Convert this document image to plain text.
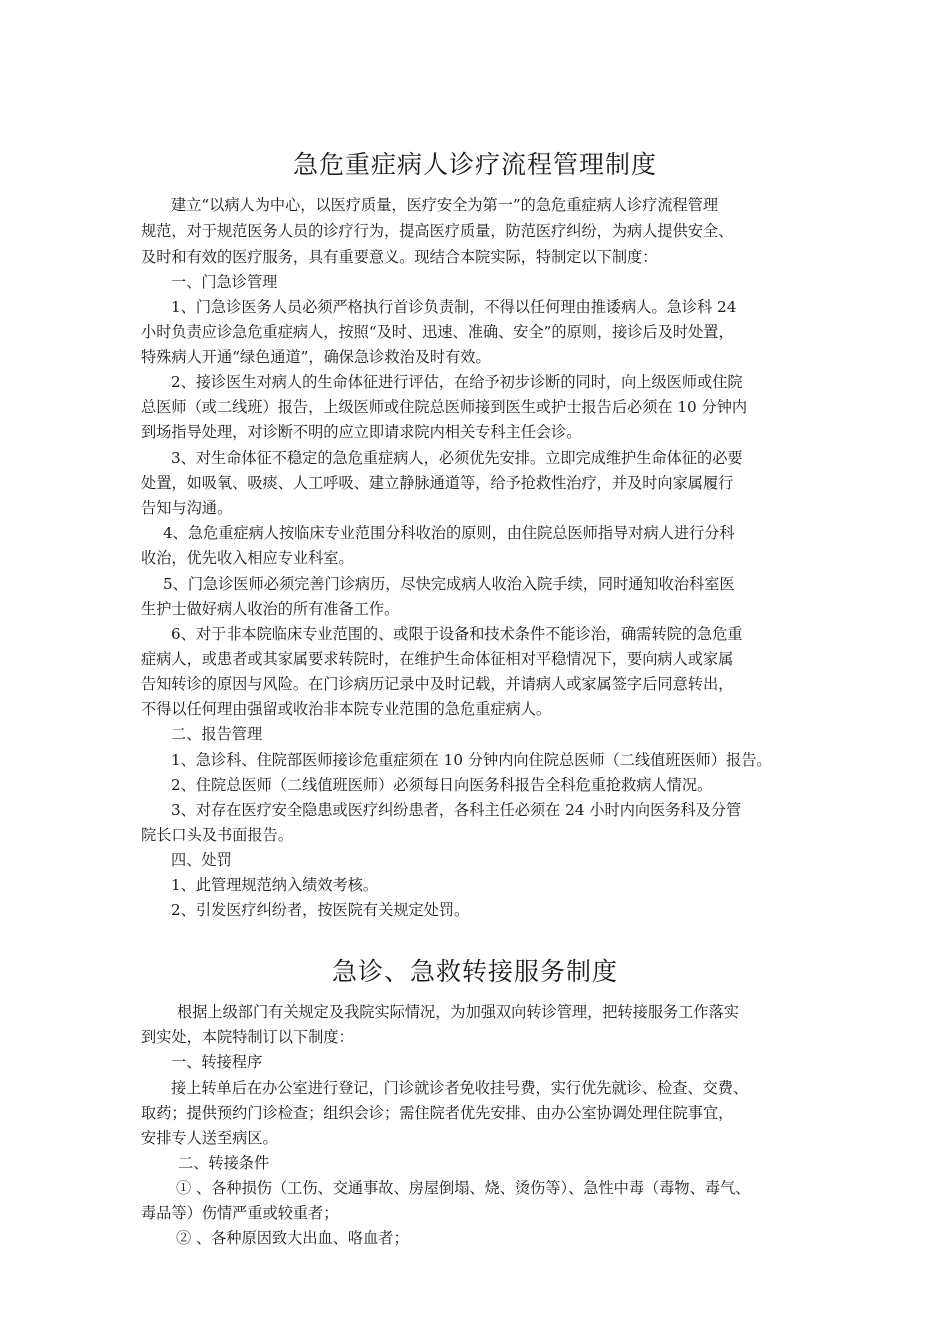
急危重症病人诊疗流程管理制度
建立“以病人为中心，以医疗质量，医疗安全为第一”的急危重症病人诊疗流程管理
规范，对于规范医务人员的诊疗行为，提高医疗质量，防范医疗纠纷，为病人提供安全、
及时和有效的医疗服务，具有重要意义。现结合本院实际，特制定以下制度：
一、门急诊管理
1、门急诊医务人员必须严格执行首诊负责制，不得以任何理由推诿病人。急诊科 24
小时负责应诊急危重症病人，按照“及时、迅速、准确、安全”的原则，接诊后及时处置，
特殊病人开通“绿色通道”，确保急诊救治及时有效。
2、接诊医生对病人的生命体征进行评估，在给予初步诊断的同时，向上级医师或住院
总医师（或二线班）报告，上级医师或住院总医师接到医生或护士报告后必须在 10 分钟内
到场指导处理，对诊断不明的应立即请求院内相关专科主任会诊。
3、对生命体征不稳定的急危重症病人，必须优先安排。立即完成维护生命体征的必要
处置，如吸氧、吸痰、人工呼吸、建立静脉通道等，给予抢救性治疗，并及时向家属履行
告知与沟通。
4、急危重症病人按临床专业范围分科收治的原则，由住院总医师指导对病人进行分科
收治，优先收入相应专业科室。
5、门急诊医师必须完善门诊病历，尽快完成病人收治入院手续，同时通知收治科室医
生护士做好病人收治的所有准备工作。
6、对于非本院临床专业范围的、或限于设备和技术条件不能诊治，确需转院的急危重
症病人，或患者或其家属要求转院时，在维护生命体征相对平稳情况下，要向病人或家属
告知转诊的原因与风险。在门诊病历记录中及时记载，并请病人或家属签字后同意转出，
不得以任何理由强留或收治非本院专业范围的急危重症病人。
二、报告管理
1、急诊科、住院部医师接诊危重症须在 10 分钟内向住院总医师（二线值班医师）报告。
2、住院总医师（二线值班医师）必须每日向医务科报告全科危重抢救病人情况。
3、对存在医疗安全隐患或医疗纠纷患者，各科主任必须在 24 小时内向医务科及分管
院长口头及书面报告。
四、处罚
1、此管理规范纳入绩效考核。
2、引发医疗纠纷者，按医院有关规定处罚。
急诊、急救转接服务制度
根据上级部门有关规定及我院实际情况，为加强双向转诊管理，把转接服务工作落实
到实处，本院特制订以下制度：
一、转接程序
接上转单后在办公室进行登记，门诊就诊者免收挂号费，实行优先就诊、检查、交费、
取药；提供预约门诊检查；组织会诊；需住院者优先安排、由办公室协调处理住院事宜，
安排专人送至病区。
二、转接条件
① 、各种损伤（工伤、交通事故、房屋倒塌、烧、烫伤等）、急性中毒（毒物、毒气、
毒品等）伤情严重或较重者；
② 、各种原因致大出血、咯血者；
